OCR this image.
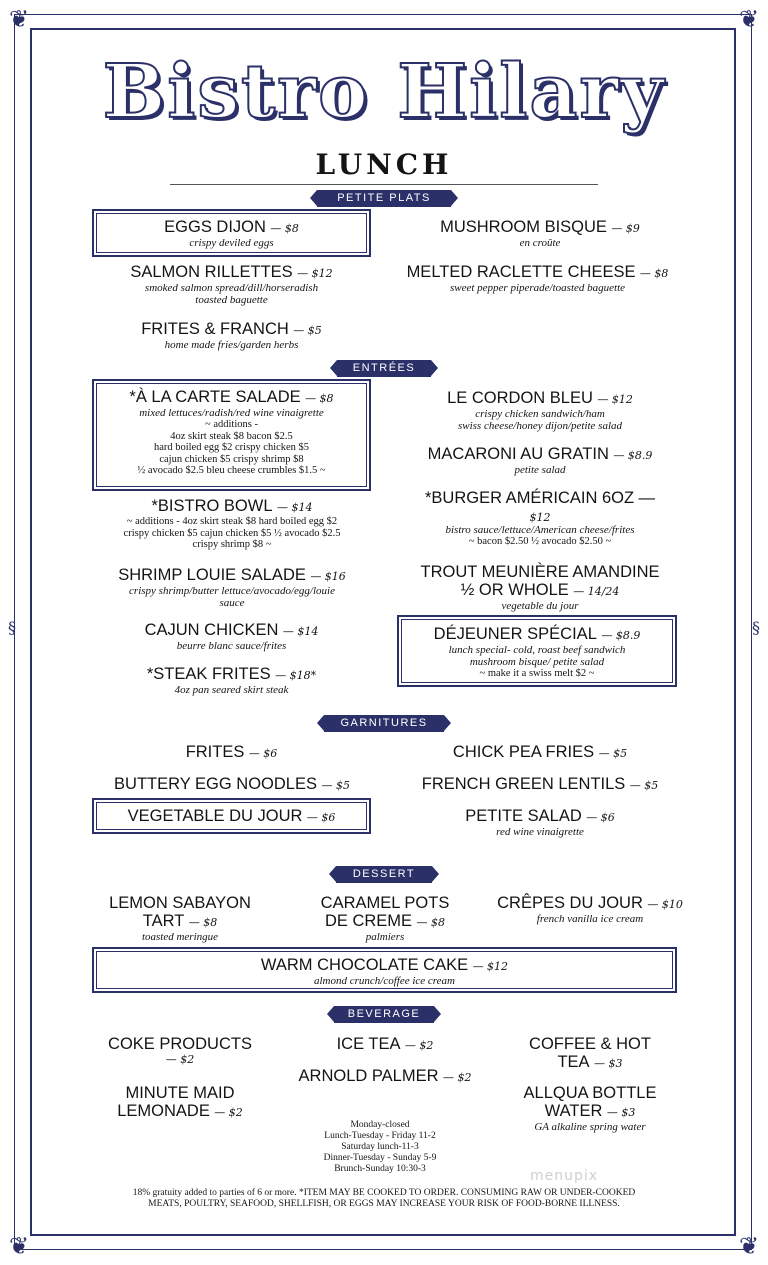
❦	❦
❦	❦
§	§
Bistro Hilary
LUNCH
PETITE PLATS
EGGS DIJON — $8
crispy deviled eggs
MUSHROOM BISQUE — $9
en croûte
SALMON RILLETTES — $12
smoked salmon spread/dill/horseradish
toasted baguette
MELTED RACLETTE CHEESE — $8
sweet pepper piperade/toasted baguette
FRITES & FRANCH — $5
home made fries/garden herbs
ENTRÉES
*À LA CARTE SALADE — $8
mixed lettuces/radish/red wine vinaigrette
~ additions -
4oz skirt steak $8 bacon $2.5
hard boiled egg $2 crispy chicken $5
cajun chicken $5 crispy shrimp $8
½ avocado $2.5 bleu cheese crumbles $1.5 ~
LE CORDON BLEU — $12
crispy chicken sandwich/ham
swiss cheese/honey dijon/petite salad
MACARONI AU GRATIN — $8.9
petite salad
*BISTRO BOWL — $14
~ additions - 4oz skirt steak $8 hard boiled egg $2
crispy chicken $5 cajun chicken $5 ½ avocado $2.5
crispy shrimp $8 ~
*BURGER AMÉRICAIN 6OZ —
$12
bistro sauce/lettuce/American cheese/frites
~ bacon $2.50 ½ avocado $2.50 ~
SHRIMP LOUIE SALADE — $16
crispy shrimp/butter lettuce/avocado/egg/louie
sauce
TROUT MEUNIÈRE AMANDINE
½ OR WHOLE — 14/24
vegetable du jour
CAJUN CHICKEN — $14
beurre blanc sauce/frites
DÉJEUNER SPÉCIAL — $8.9
lunch special- cold, roast beef sandwich
mushroom bisque/ petite salad
~ make it a swiss melt $2 ~
*STEAK FRITES — $18*
4oz pan seared skirt steak
GARNITURES
FRITES — $6	CHICK PEA FRIES — $5
BUTTERY EGG NOODLES — $5	FRENCH GREEN LENTILS — $5
VEGETABLE DU JOUR — $6	PETITE SALAD — $6
red wine vinaigrette
DESSERT
LEMON SABAYON
TART — $8
toasted meringue
CARAMEL POTS
DE CREME — $8
palmiers
CRÊPES DU JOUR — $10
french vanilla ice cream
WARM CHOCOLATE CAKE — $12
almond crunch/coffee ice cream
BEVERAGE
COKE PRODUCTS
— $2
ICE TEA — $2	COFFEE & HOT
TEA — $3
ARNOLD PALMER — $2
MINUTE MAID
LEMONADE — $2
ALLQUA BOTTLE
WATER — $3
GA alkaline spring water
Monday-closed
Lunch-Tuesday - Friday 11-2
Saturday lunch-11-3
Dinner-Tuesday - Sunday 5-9
Brunch-Sunday 10:30-3	menupix
18% gratuity added to parties of 6 or more. *ITEM MAY BE COOKED TO ORDER. CONSUMING RAW OR UNDER-COOKED
MEATS, POULTRY, SEAFOOD, SHELLFISH, OR EGGS MAY INCREASE YOUR RISK OF FOOD-BORNE ILLNESS.
